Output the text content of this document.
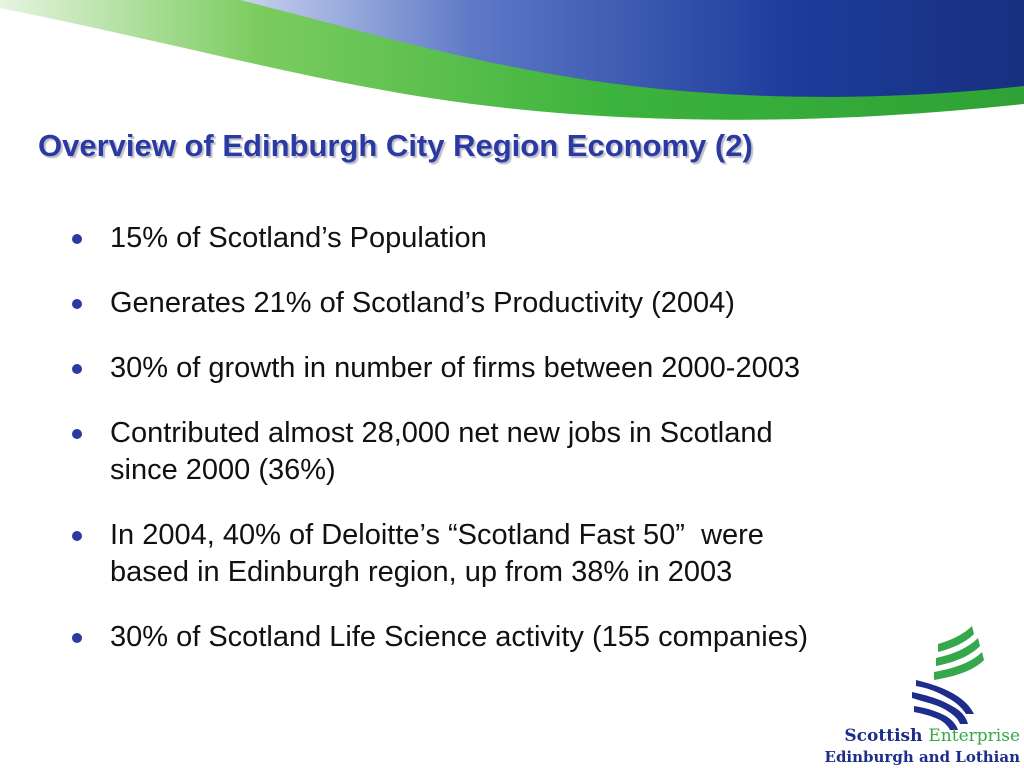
Overview of Edinburgh City Region Economy (2)
15% of Scotland’s Population
Generates 21% of Scotland’s Productivity (2004)
30% of growth in number of firms between 2000-2003
Contributed almost 28,000 net new jobs in Scotland
since 2000 (36%)
In 2004, 40% of Deloitte’s “Scotland Fast 50”  were
based in Edinburgh region, up from 38% in 2003
30% of Scotland Life Science activity (155 companies)
Scottish Enterprise
Edinburgh and Lothian
